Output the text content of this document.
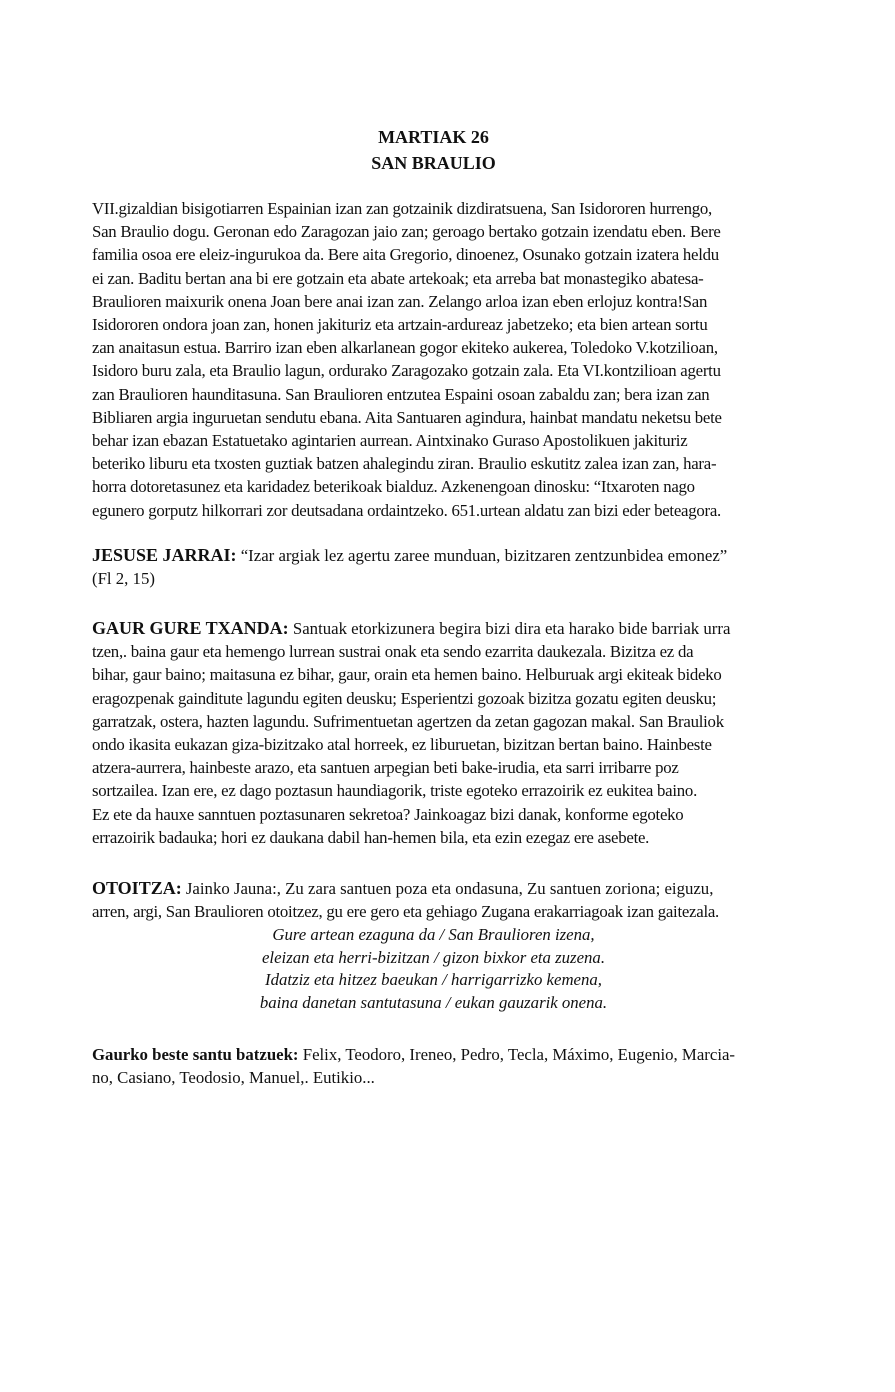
MARTIAK 26

SAN BRAULIO

VII.gizaldian bisigotiarren Espainian izan zan gotzainik dizdiratsuena, San Isidororen hurrengo,
San Braulio dogu. Geronan edo Zaragozan jaio zan; geroago bertako gotzain izendatu eben. Bere
familia osoa ere eleiz-ingurukoa da. Bere aita Gregorio, dinoenez, Osunako gotzain izatera heldu
ei zan. Baditu bertan ana bi ere gotzain eta abate artekoak; eta arreba bat monastegiko abatesa-
Braulioren maixurik onena Joan bere anai izan zan. Zelango arloa izan eben erlojuz kontra!San
Isidororen ondora joan zan, honen jakituriz eta artzain-ardureaz jabetzeko; eta bien artean sortu
zan anaitasun estua. Barriro izan eben alkarlanean gogor ekiteko aukerea, Toledoko V.kotzilioan,
Isidoro buru zala, eta Braulio lagun, ordurako Zaragozako gotzain zala. Eta VI.kontzilioan agertu
zan Braulioren haunditasuna. San Braulioren entzutea Espaini osoan zabaldu zan; bera izan zan
Bibliaren argia inguruetan sendutu ebana. Aita Santuaren agindura, hainbat mandatu neketsu bete
behar izan ebazan Estatuetako agintarien aurrean. Aintxinako Guraso Apostolikuen jakituriz
beteriko liburu eta txosten guztiak batzen ahalegindu ziran. Braulio eskutitz zalea izan zan, hara-
horra dotoretasunez eta karidadez beterikoak bialduz. Azkenengoan dinosku: “Itxaroten nago
egunero gorputz hilkorrari zor deutsadana ordaintzeko. 651.urtean aldatu zan bizi eder beteagora.
JESUSE JARRAI: “Izar argiak lez agertu zaree munduan, bizitzaren zentzunbidea emonez”
(Fl 2, 15)
GAUR GURE TXANDA: Santuak etorkizunera begira bizi dira eta harako bide barriak urra
tzen,. baina gaur eta hemengo lurrean sustrai onak eta sendo ezarrita daukezala. Bizitza ez da
bihar, gaur baino; maitasuna ez bihar, gaur, orain eta hemen baino. Helburuak argi ekiteak bideko
eragozpenak gainditute lagundu egiten deusku; Esperientzi gozoak bizitza gozatu egiten deusku;
garratzak, ostera, hazten lagundu. Sufrimentuetan agertzen da zetan gagozan makal. San Brauliok
ondo ikasita eukazan giza-bizitzako atal horreek, ez liburuetan, bizitzan bertan baino. Hainbeste
atzera-aurrera, hainbeste arazo, eta santuen arpegian beti bake-irudia, eta sarri irribarre poz
sortzailea. Izan ere, ez dago poztasun haundiagorik, triste egoteko errazoirik ez eukitea baino.
Ez ete da hauxe sanntuen poztasunaren sekretoa? Jainkoagaz bizi danak, konforme egoteko
errazoirik badauka; hori ez daukana dabil han-hemen bila, eta ezin ezegaz ere asebete.
OTOITZA: Jainko Jauna:, Zu zara santuen poza eta ondasuna, Zu santuen zoriona; eiguzu,
arren, argi, San Braulioren otoitzez, gu ere gero eta gehiago Zugana erakarriagoak izan gaitezala.

Gure artean ezaguna da / San Braulioren izena,

eleizan eta herri-bizitzan / gizon bixkor eta zuzena.

Idatziz eta hitzez baeukan / harrigarrizko kemena,

baina danetan santutasuna / eukan gauzarik onena.

Gaurko beste santu batzuek: Felix, Teodoro, Ireneo, Pedro, Tecla, Máximo, Eugenio, Marcia-
no, Casiano, Teodosio, Manuel,. Eutikio...
